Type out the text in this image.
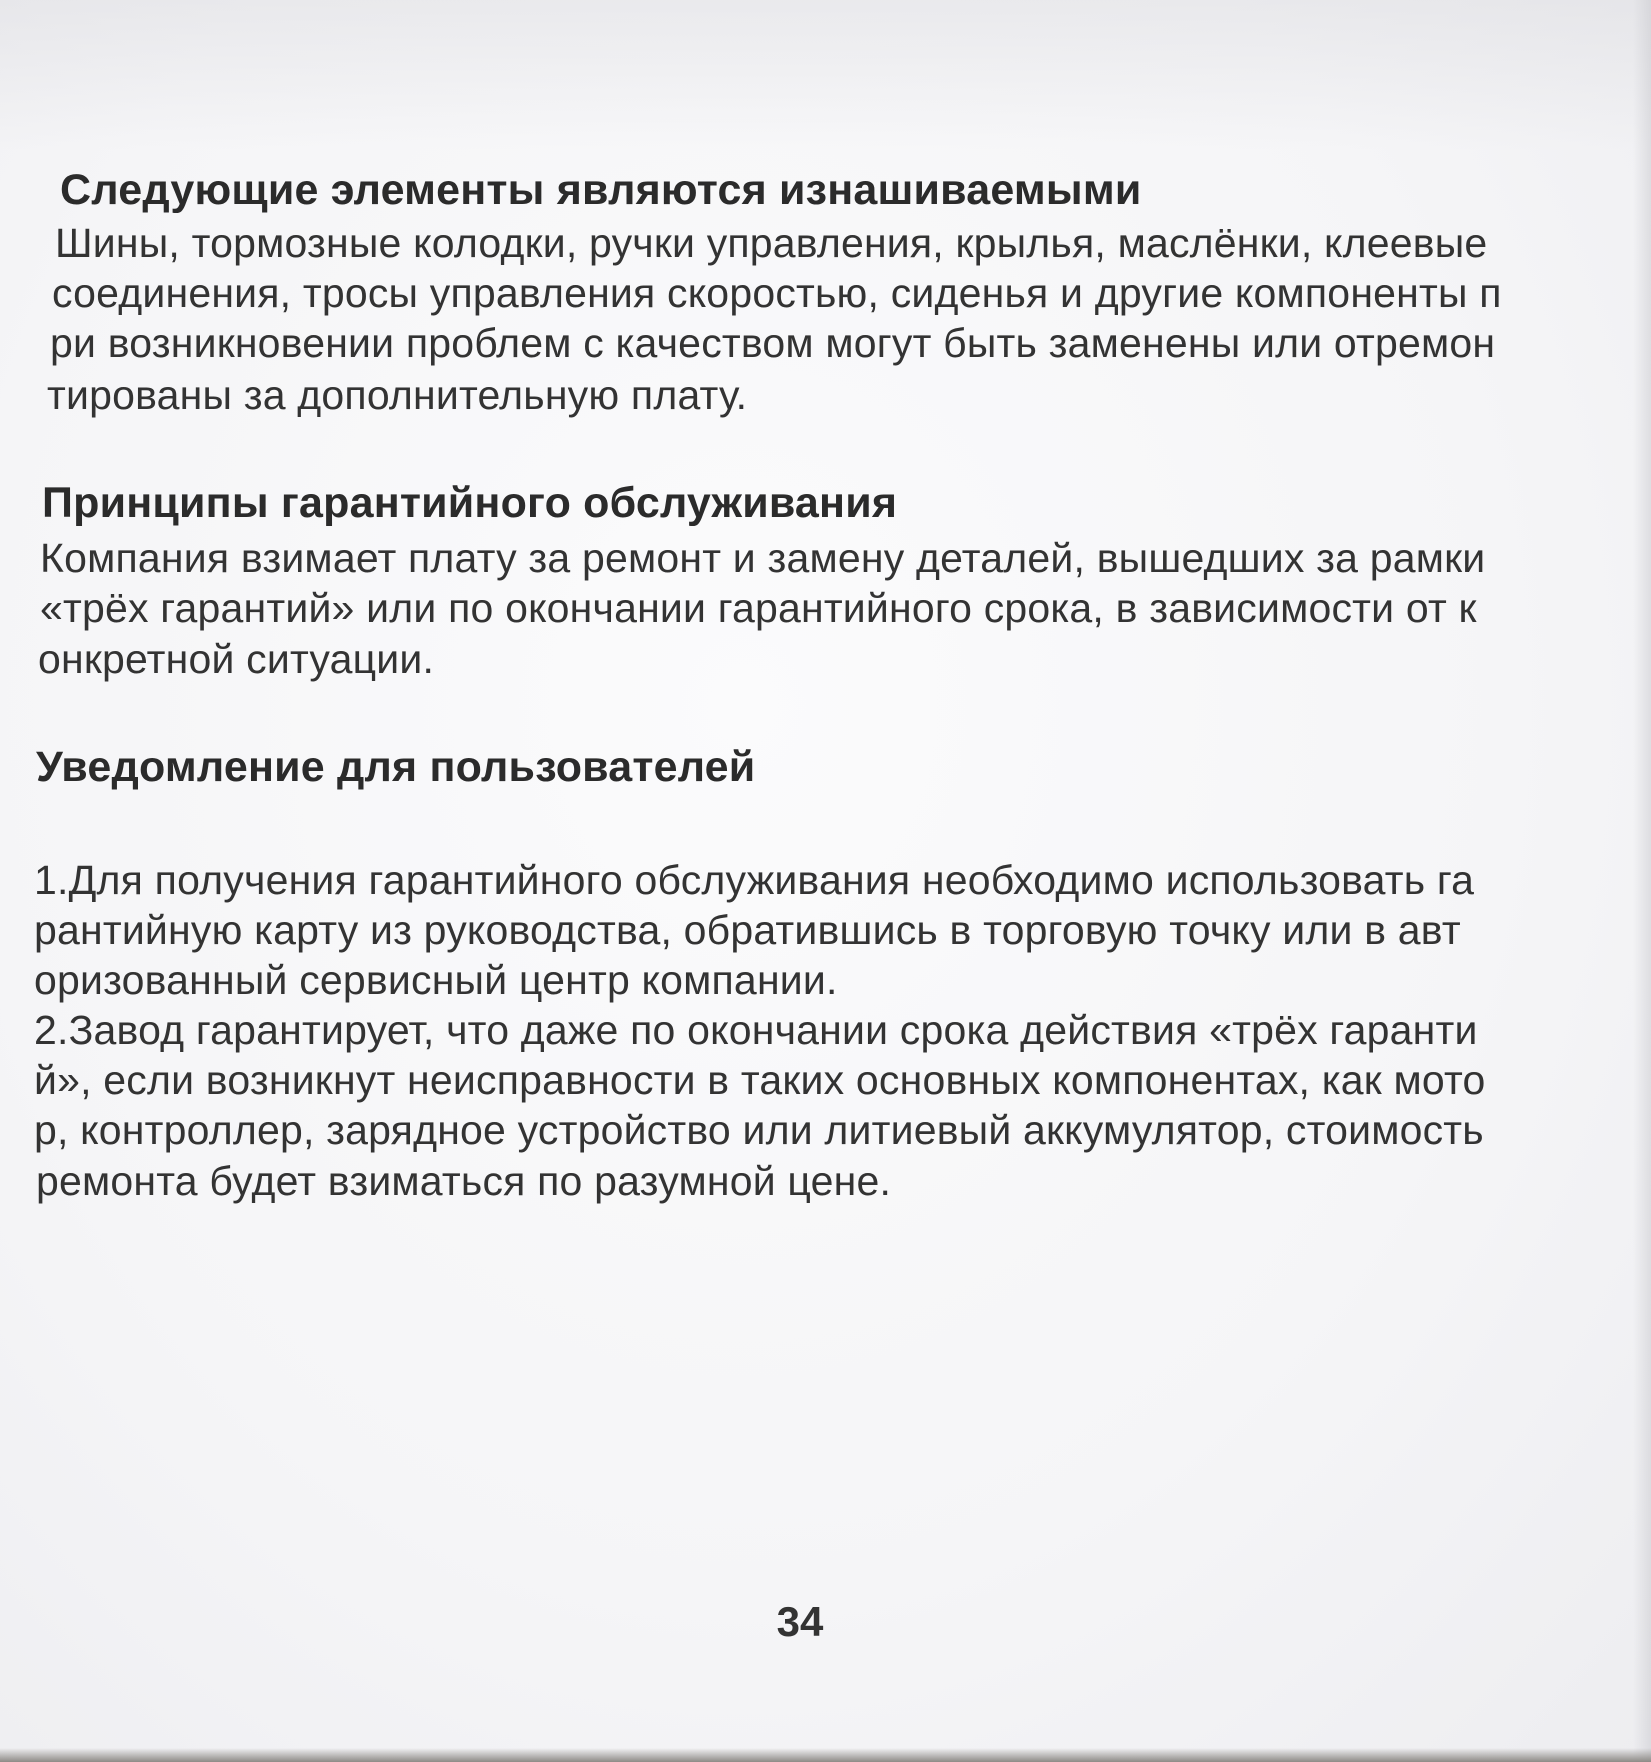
Следующие элементы являются изнашиваемыми

Шины, тормозные колодки, ручки управления, крылья, маслёнки, клеевые

соединения, тросы управления скоростью, сиденья и другие компоненты п

ри возникновении проблем с качеством могут быть заменены или отремон

тированы за дополнительную плату.

Принципы гарантийного обслуживания

Компания взимает плату за ремонт и замену деталей, вышедших за рамки

«трёх гарантий» или по окончании гарантийного срока, в зависимости от к

онкретной ситуации.

Уведомление для пользователей

1.Для получения гарантийного обслуживания необходимо использовать га

рантийную карту из руководства, обратившись в торговую точку или в авт

оризованный сервисный центр компании.

2.Завод гарантирует, что даже по окончании срока действия «трёх гаранти

й», если возникнут неисправности в таких основных компонентах, как мото

р, контроллер, зарядное устройство или литиевый аккумулятор, стоимость

ремонта будет взиматься по разумной цене.

34
